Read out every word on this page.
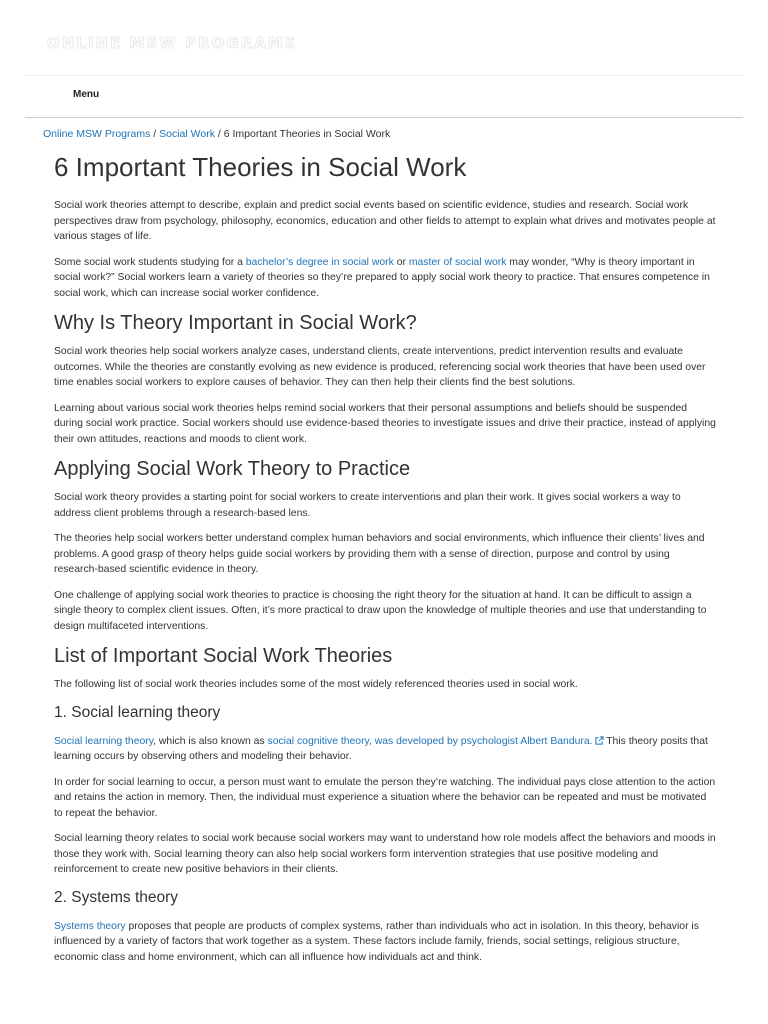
ONLINE MSW PROGRAMS
Menu
Online MSW Programs / Social Work / 6 Important Theories in Social Work
6 Important Theories in Social Work

Social work theories attempt to describe, explain and predict social events based on scientific evidence, studies and research. Social work perspectives draw from psychology, philosophy, economics, education and other fields to attempt to explain what drives and motivates people at various stages of life.

Some social work students studying for a bachelor’s degree in social work or master of social work may wonder, “Why is theory important in social work?” Social workers learn a variety of theories so they’re prepared to apply social work theory to practice. That ensures competence in social work, which can increase social worker confidence.

Why Is Theory Important in Social Work?

Social work theories help social workers analyze cases, understand clients, create interventions, predict intervention results and evaluate outcomes. While the theories are constantly evolving as new evidence is produced, referencing social work theories that have been used over time enables social workers to explore causes of behavior. They can then help their clients find the best solutions.

Learning about various social work theories helps remind social workers that their personal assumptions and beliefs should be suspended during social work practice. Social workers should use evidence-based theories to investigate issues and drive their practice, instead of applying their own attitudes, reactions and moods to client work.

Applying Social Work Theory to Practice

Social work theory provides a starting point for social workers to create interventions and plan their work. It gives social workers a way to address client problems through a research-based lens.

The theories help social workers better understand complex human behaviors and social environments, which influence their clients’ lives and problems. A good grasp of theory helps guide social workers by providing them with a sense of direction, purpose and control by using research-based scientific evidence in theory.

One challenge of applying social work theories to practice is choosing the right theory for the situation at hand. It can be difficult to assign a single theory to complex client issues. Often, it’s more practical to draw upon the knowledge of multiple theories and use that understanding to design multifaceted interventions.

List of Important Social Work Theories

The following list of social work theories includes some of the most widely referenced theories used in social work.

1. Social learning theory

Social learning theory, which is also known as social cognitive theory, was developed by psychologist Albert Bandura. This theory posits that learning occurs by observing others and modeling their behavior.

In order for social learning to occur, a person must want to emulate the person they’re watching. The individual pays close attention to the action and retains the action in memory. Then, the individual must experience a situation where the behavior can be repeated and must be motivated to repeat the behavior.

Social learning theory relates to social work because social workers may want to understand how role models affect the behaviors and moods in those they work with. Social learning theory can also help social workers form intervention strategies that use positive modeling and reinforcement to create new positive behaviors in their clients.

2. Systems theory

Systems theory proposes that people are products of complex systems, rather than individuals who act in isolation. In this theory, behavior is influenced by a variety of factors that work together as a system. These factors include family, friends, social settings, religious structure, economic class and home environment, which can all influence how individuals act and think.
